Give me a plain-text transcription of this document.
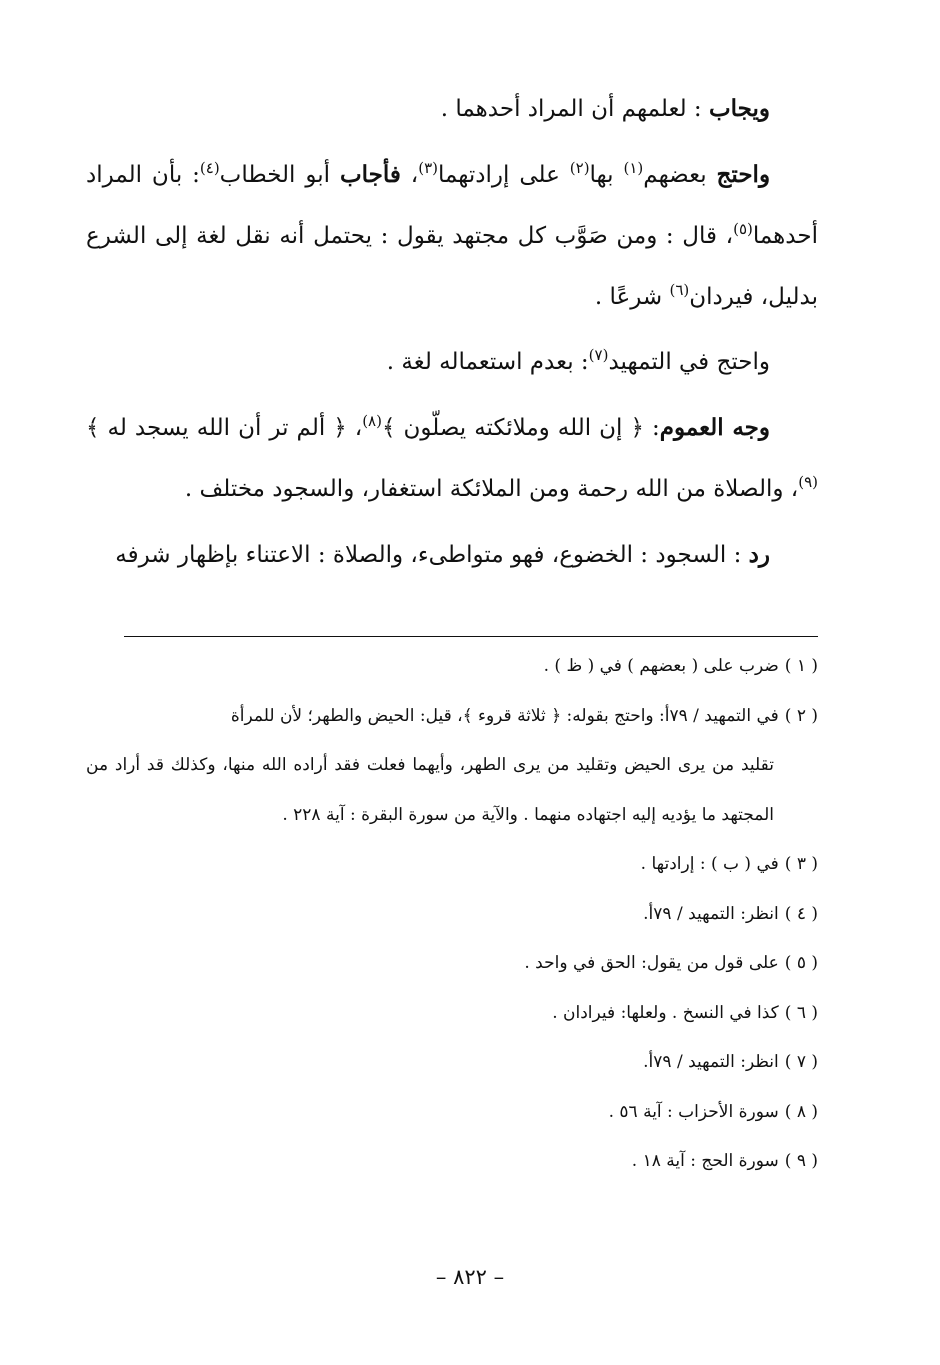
ويجاب : لعلمهم أن المراد أحدهما .

واحتج بعضهم$^{(١)}$ بها$^{(٢)}$ على إرادتهما$^{(٣)}$، فأجاب أبو الخطاب$^{(٤)}$: بأن المراد أحدهما$^{(٥)}$، قال : ومن صَوَّب كل مجتهد يقول : يحتمل أنه نقل لغة إلى الشرع بدليل، فيردان$^{(٦)}$ شرعًا .

واحتج في التمهيد$^{(٧)}$: بعدم استعماله لغة .

وجه العموم: ﴿ إن الله وملائكته يصلّون ﴾$^{(٨)}$، ﴿ ألم تر أن الله يسجد له ﴾$^{(٩)}$، والصلاة من الله رحمة ومن الملائكة استغفار، والسجود مختلف .

رد : السجود : الخضوع، فهو متواطىء، والصلاة : الاعتناء بإظهار شرفه

( ١ )ضرب على ( بعضهم ) في ( ظ ) .

( ٢ )في التمهيد / ٧٩أ: واحتج بقوله: ﴿ ثلاثة قروء ﴾، قيل: الحيض والطهر؛ لأن للمرأة
تقليد من يرى الحيض وتقليد من يرى الطهر، وأيهما فعلت فقد أراده الله منها، وكذلك قد أراد من المجتهد ما يؤديه إليه اجتهاده منهما . والآية من سورة البقرة : آية ٢٢٨ .

( ٣ )في ( ب ) : إرادتها .

( ٤ )انظر: التمهيد / ٧٩أ.

( ٥ )على قول من يقول: الحق في واحد .

( ٦ )كذا في النسخ . ولعلها: فيرادان .

( ٧ )انظر: التمهيد / ٧٩أ.

( ٨ )سورة الأحزاب : آية ٥٦ .

( ٩ )سورة الحج : آية ١٨ .

– ٨٢٢ –
